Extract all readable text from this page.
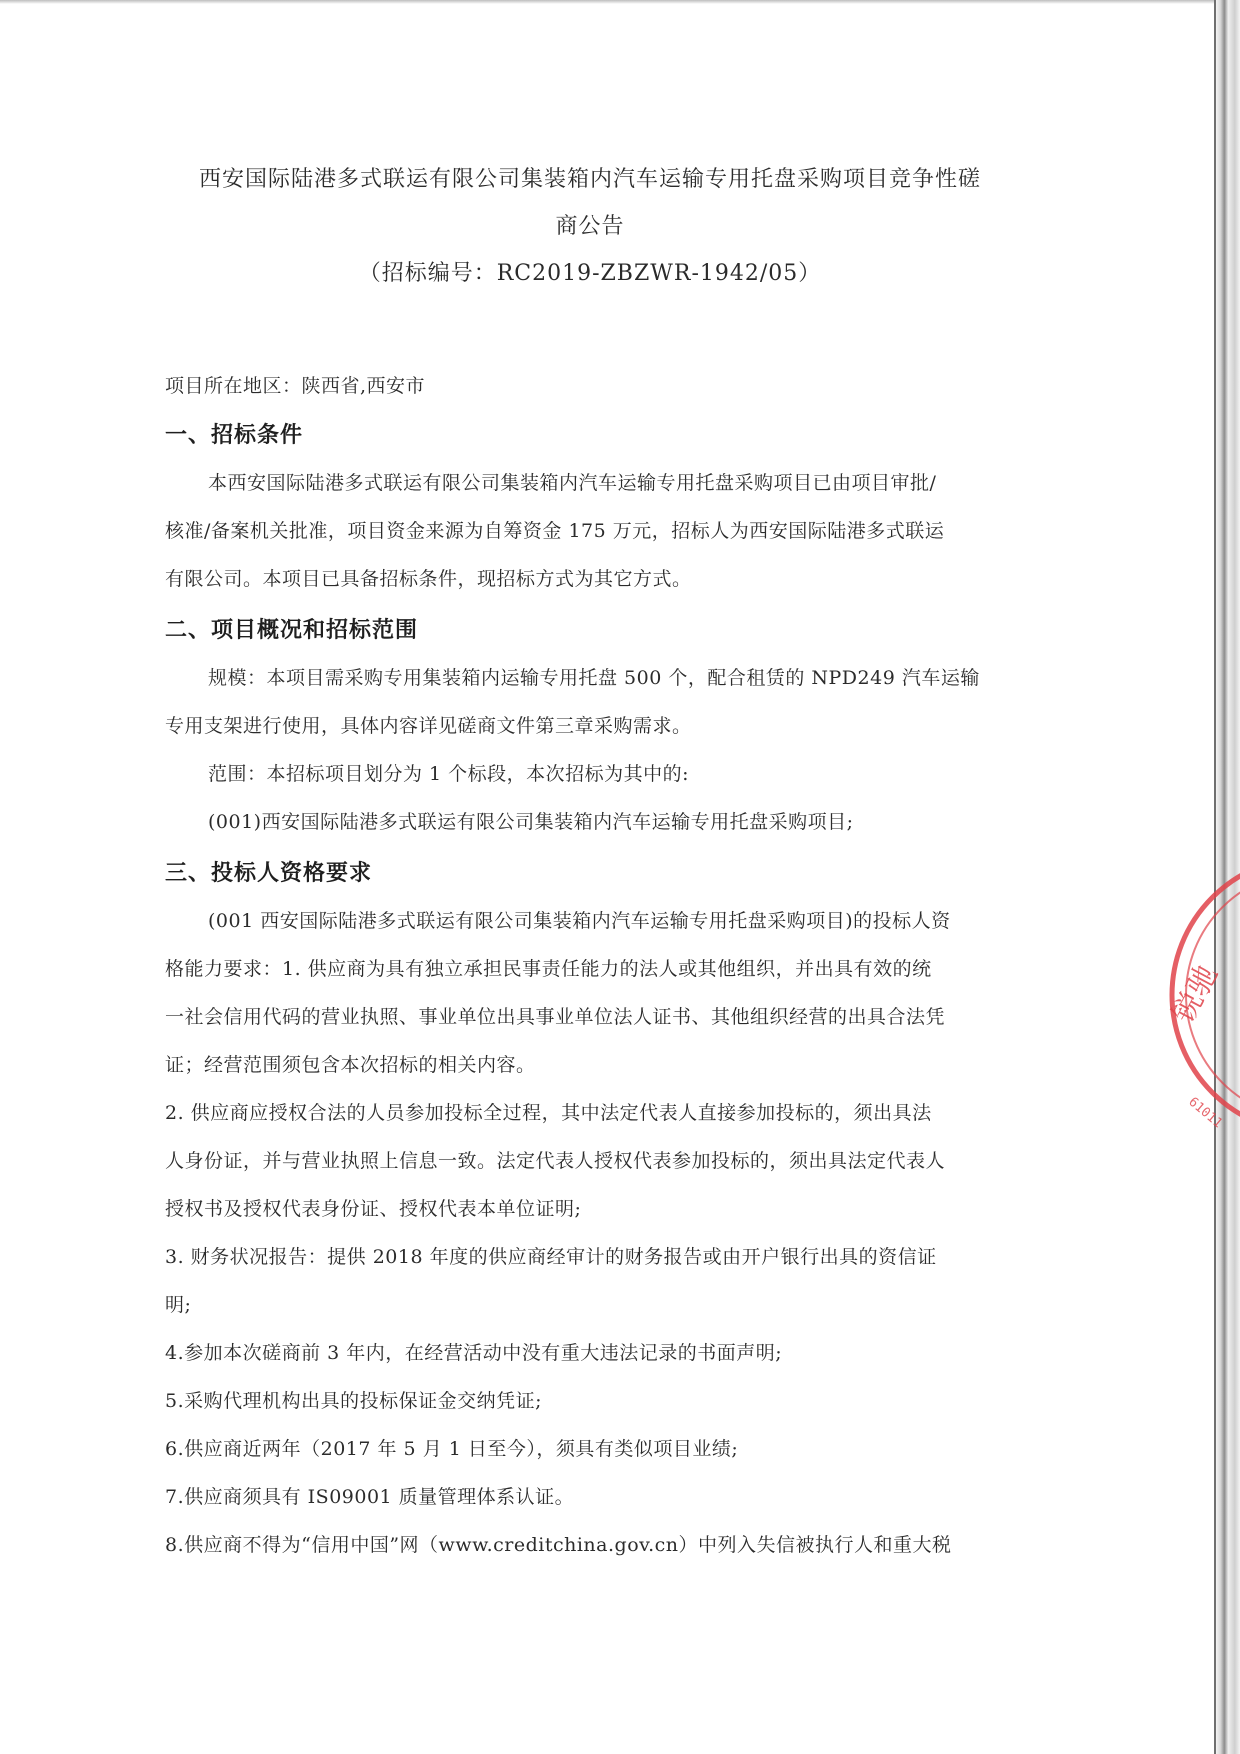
西安国际陆港多式联运有限公司集装箱内汽车运输专用托盘采购项目竞争性磋
商公告
（招标编号：RC2019-ZBZWR-1942/05）

项目所在地区：陕西省,西安市

一、招标条件

本西安国际陆港多式联运有限公司集装箱内汽车运输专用托盘采购项目已由项目审批/

核准/备案机关批准，项目资金来源为自筹资金 175 万元，招标人为西安国际陆港多式联运

有限公司。本项目已具备招标条件，现招标方式为其它方式。

二、项目概况和招标范围

规模：本项目需采购专用集装箱内运输专用托盘 500 个，配合租赁的 NPD249 汽车运输

专用支架进行使用，具体内容详见磋商文件第三章采购需求。

范围：本招标项目划分为 1 个标段，本次招标为其中的:

(001)西安国际陆港多式联运有限公司集装箱内汽车运输专用托盘采购项目;

三、投标人资格要求

(001 西安国际陆港多式联运有限公司集装箱内汽车运输专用托盘采购项目)的投标人资

格能力要求：1. 供应商为具有独立承担民事责任能力的法人或其他组织，并出具有效的统

一社会信用代码的营业执照、事业单位出具事业单位法人证书、其他组织经营的出具合法凭

证；经营范围须包含本次招标的相关内容。

2. 供应商应授权合法的人员参加投标全过程，其中法定代表人直接参加投标的，须出具法

人身份证，并与营业执照上信息一致。法定代表人授权代表参加投标的，须出具法定代表人

授权书及授权代表身份证、授权代表本单位证明;

3. 财务状况报告：提供 2018 年度的供应商经审计的财务报告或由开户银行出具的资信证

明;

4.参加本次磋商前 3 年内，在经营活动中没有重大违法记录的书面声明;

5.采购代理机构出具的投标保证金交纳凭证;

6.供应商近两年（2017 年 5 月 1 日至今），须具有类似项目业绩;

7.供应商须具有 IS09001 质量管理体系认证。

8.供应商不得为“信用中国”网（www.creditchina.gov.cn）中列入失信被执行人和重大税

锐驰
61011
